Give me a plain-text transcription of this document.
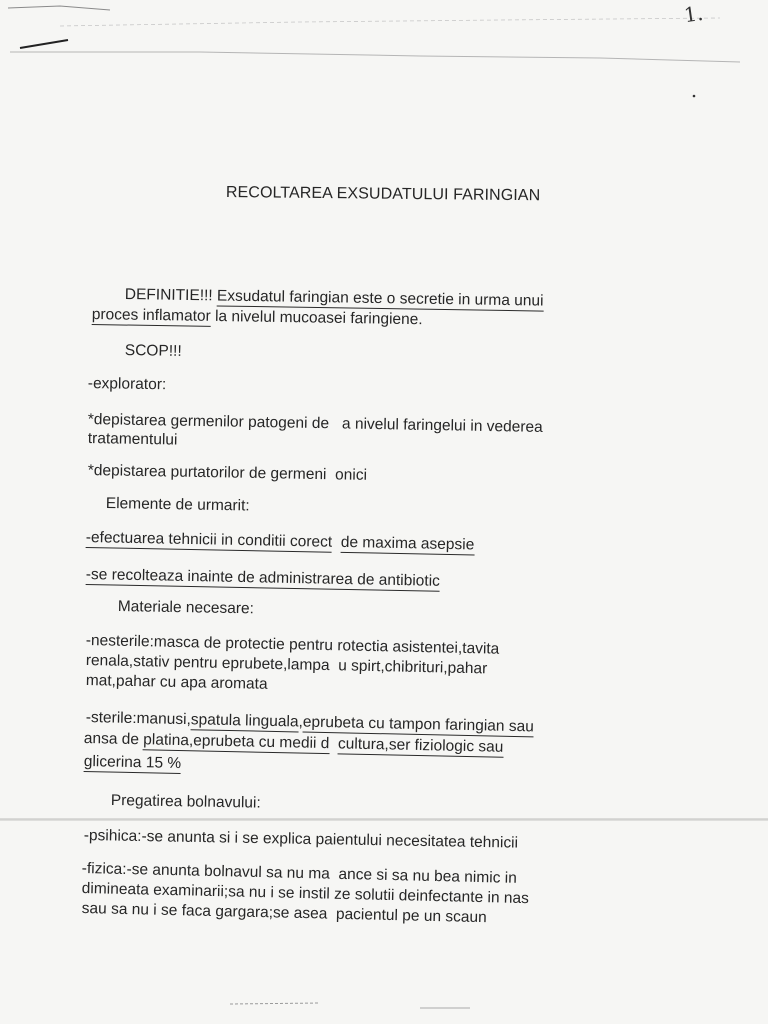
1.
RECOLTAREA EXSUDATULUI FARINGIAN
DEFINITIE!!! Exsudatul faringian este o secretie in urma unui
proces inflamator la nivelul mucoasei faringiene.
SCOP!!!
-explorator:
*depistarea germenilor patogeni de a nivelul faringelui in vederea
tratamentului
*depistarea purtatorilor de germeni onici
Elemente de urmarit:
-efectuarea tehnicii in conditii corect de maxima asepsie
-se recolteaza inainte de administrarea de antibiotic
Materiale necesare:
-nesterile:masca de protectie pentru rotectia asistentei,tavita
renala,stativ pentru eprubete,lampa u spirt,chibrituri,pahar
mat,pahar cu apa aromata
-sterile:manusi,spatula linguala,eprubeta cu tampon faringian sau
ansa de platina,eprubeta cu medii d cultura,ser fiziologic sau
glicerina 15 %
Pregatirea bolnavului:
-psihica:-se anunta si i se explica paientului necesitatea tehnicii
-fizica:-se anunta bolnavul sa nu ma ance si sa nu bea nimic in
dimineata examinarii;sa nu i se instil ze solutii deinfectante in nas
sau sa nu i se faca gargara;se asea pacientul pe un scaun
